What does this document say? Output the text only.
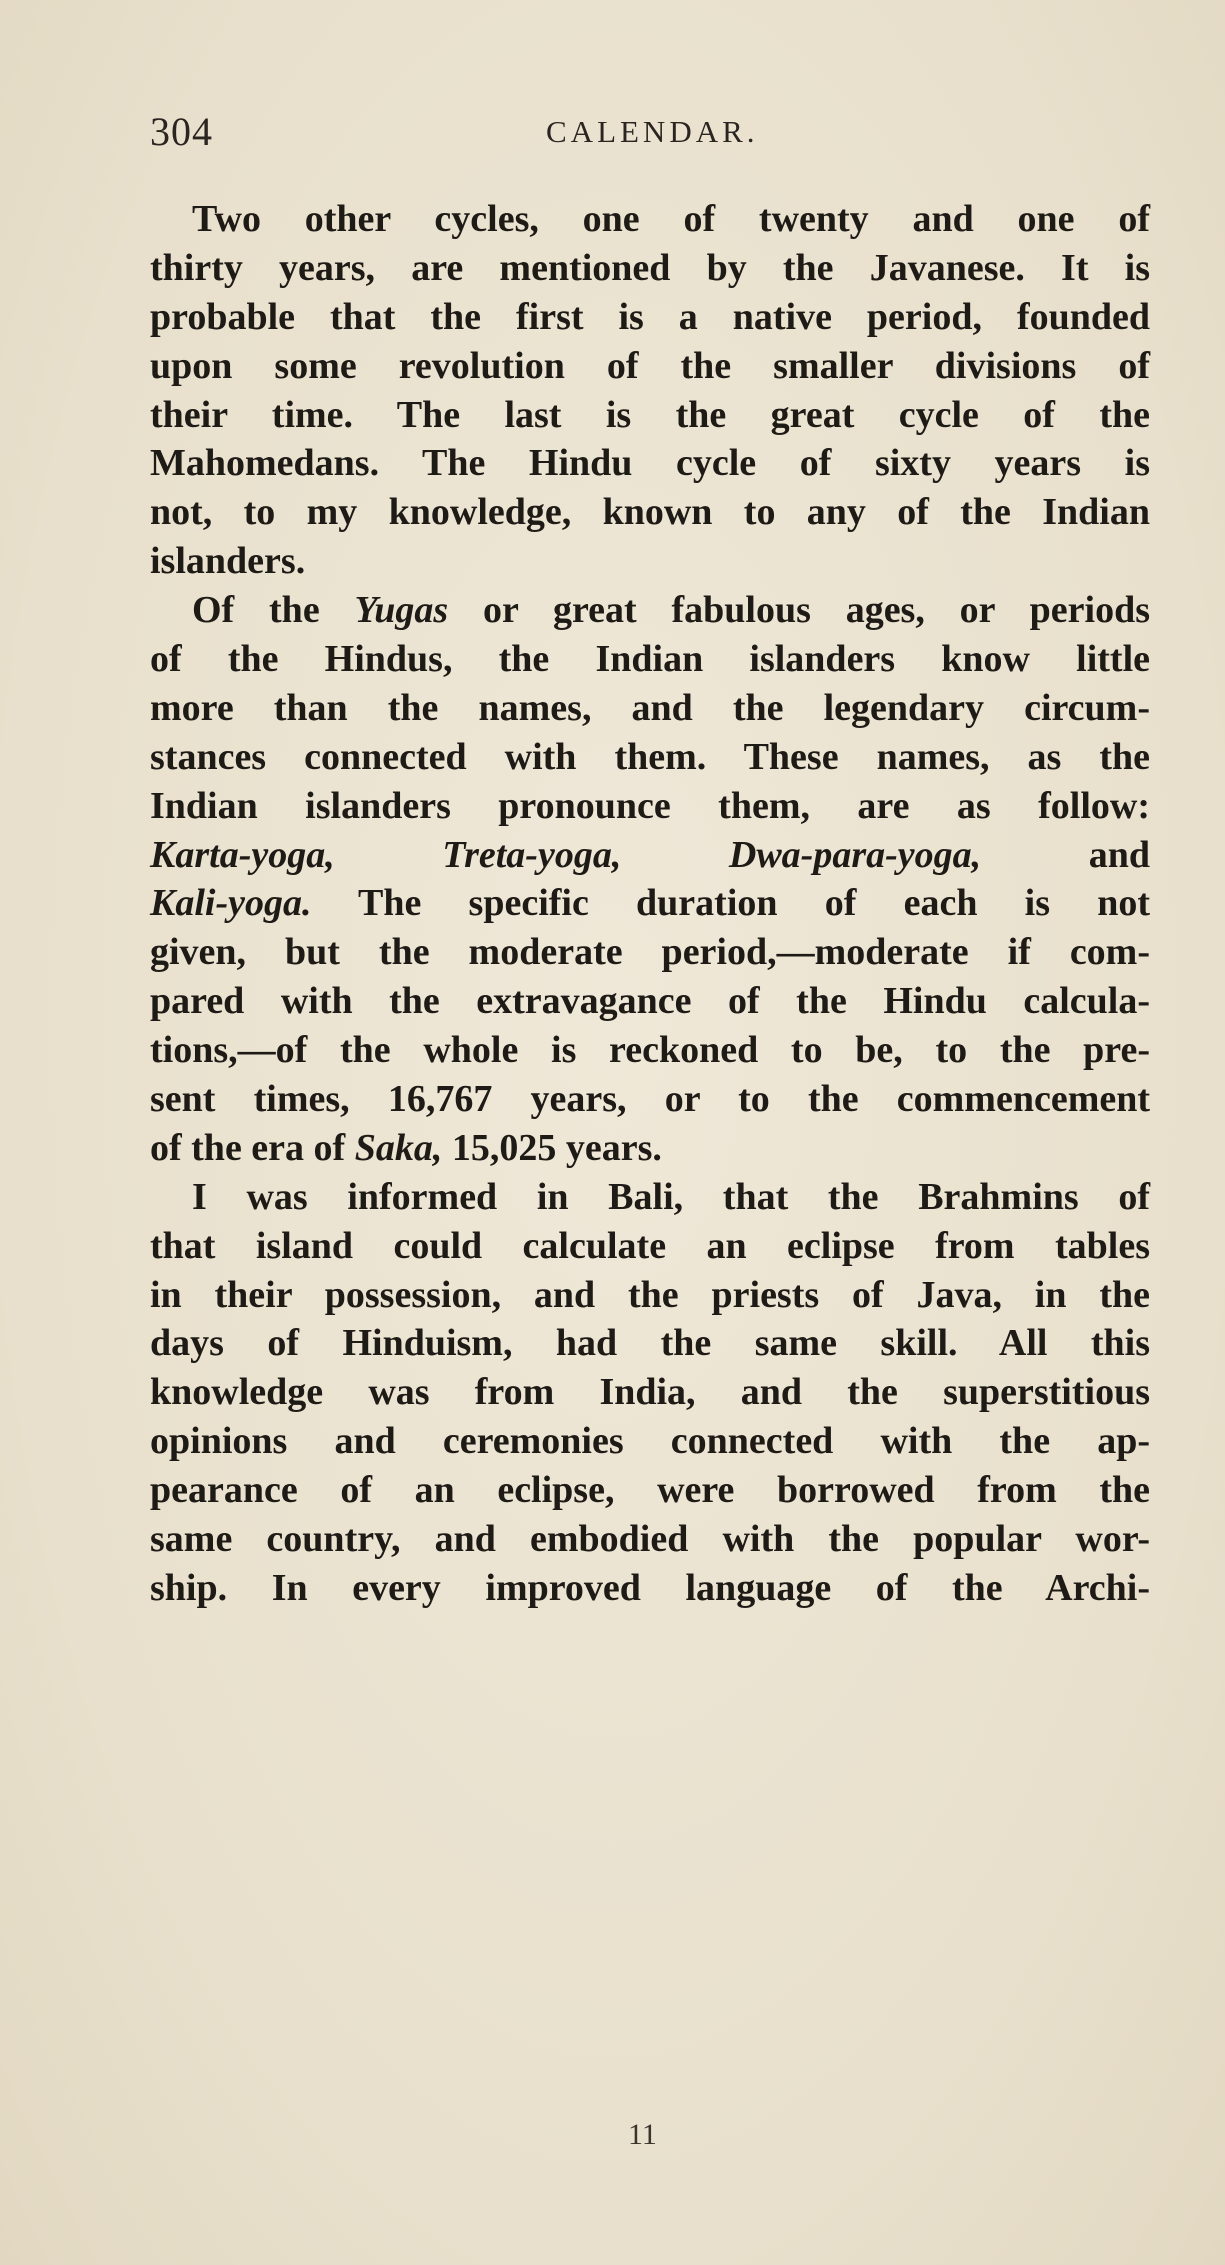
304	CALENDAR.
Two other cycles, one of twenty and one of
thirty years, are mentioned by the Javanese. It is
probable that the first is a native period, founded
upon some revolution of the smaller divisions of
their time. The last is the great cycle of the
Mahomedans. The Hindu cycle of sixty years is
not, to my knowledge, known to any of the Indian
islanders.
Of the Yugas or great fabulous ages, or periods
of the Hindus, the Indian islanders know little
more than the names, and the legendary circum-
stances connected with them. These names, as the
Indian islanders pronounce them, are as follow:
Karta-yoga,	Treta-yoga,	Dwa-para-yoga,	and
Kali-yoga. The specific duration of each is not
given, but the moderate period,—moderate if com-
pared with the extravagance of the Hindu calcula-
tions,—of the whole is reckoned to be, to the pre-
sent times, 16,767 years, or to the commencement
of the era of Saka, 15,025 years.
I was informed in Bali, that the Brahmins of
that island could calculate an eclipse from tables
in their possession, and the priests of Java, in the
days of Hinduism, had the same skill. All this
knowledge was from India, and the superstitious
opinions and ceremonies connected with the ap-
pearance of an eclipse, were borrowed from the
same country, and embodied with the popular wor-
ship. In every improved language of the Archi-
11
